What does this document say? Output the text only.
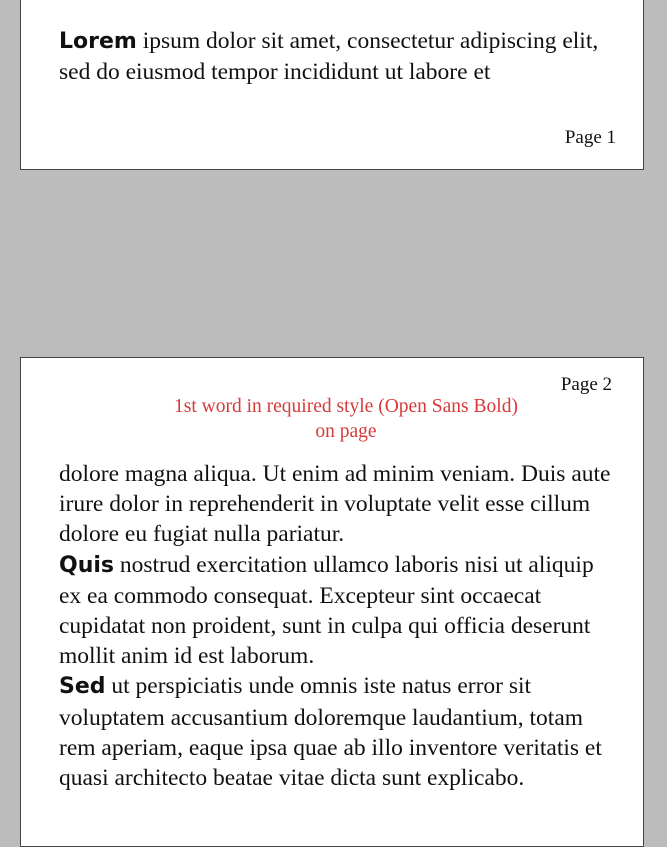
Lorem ipsum dolor sit amet, consectetur adipiscing elit, sed do eiusmod tempor incididunt ut labore et

Page 1
Page 2
1st word in required style (Open Sans Bold) on page

dolore magna aliqua. Ut enim ad minim veniam. Duis aute irure dolor in reprehenderit in voluptate velit esse cillum dolore eu fugiat nulla pariatur.

Quis nostrud exercitation ullamco laboris nisi ut aliquip ex ea commodo consequat. Excepteur sint occaecat cupidatat non proident, sunt in culpa qui officia deserunt mollit anim id est laborum.

Sed ut perspiciatis unde omnis iste natus error sit voluptatem accusantium doloremque laudantium, totam rem aperiam, eaque ipsa quae ab illo inventore veritatis et quasi architecto beatae vitae dicta sunt explicabo.
